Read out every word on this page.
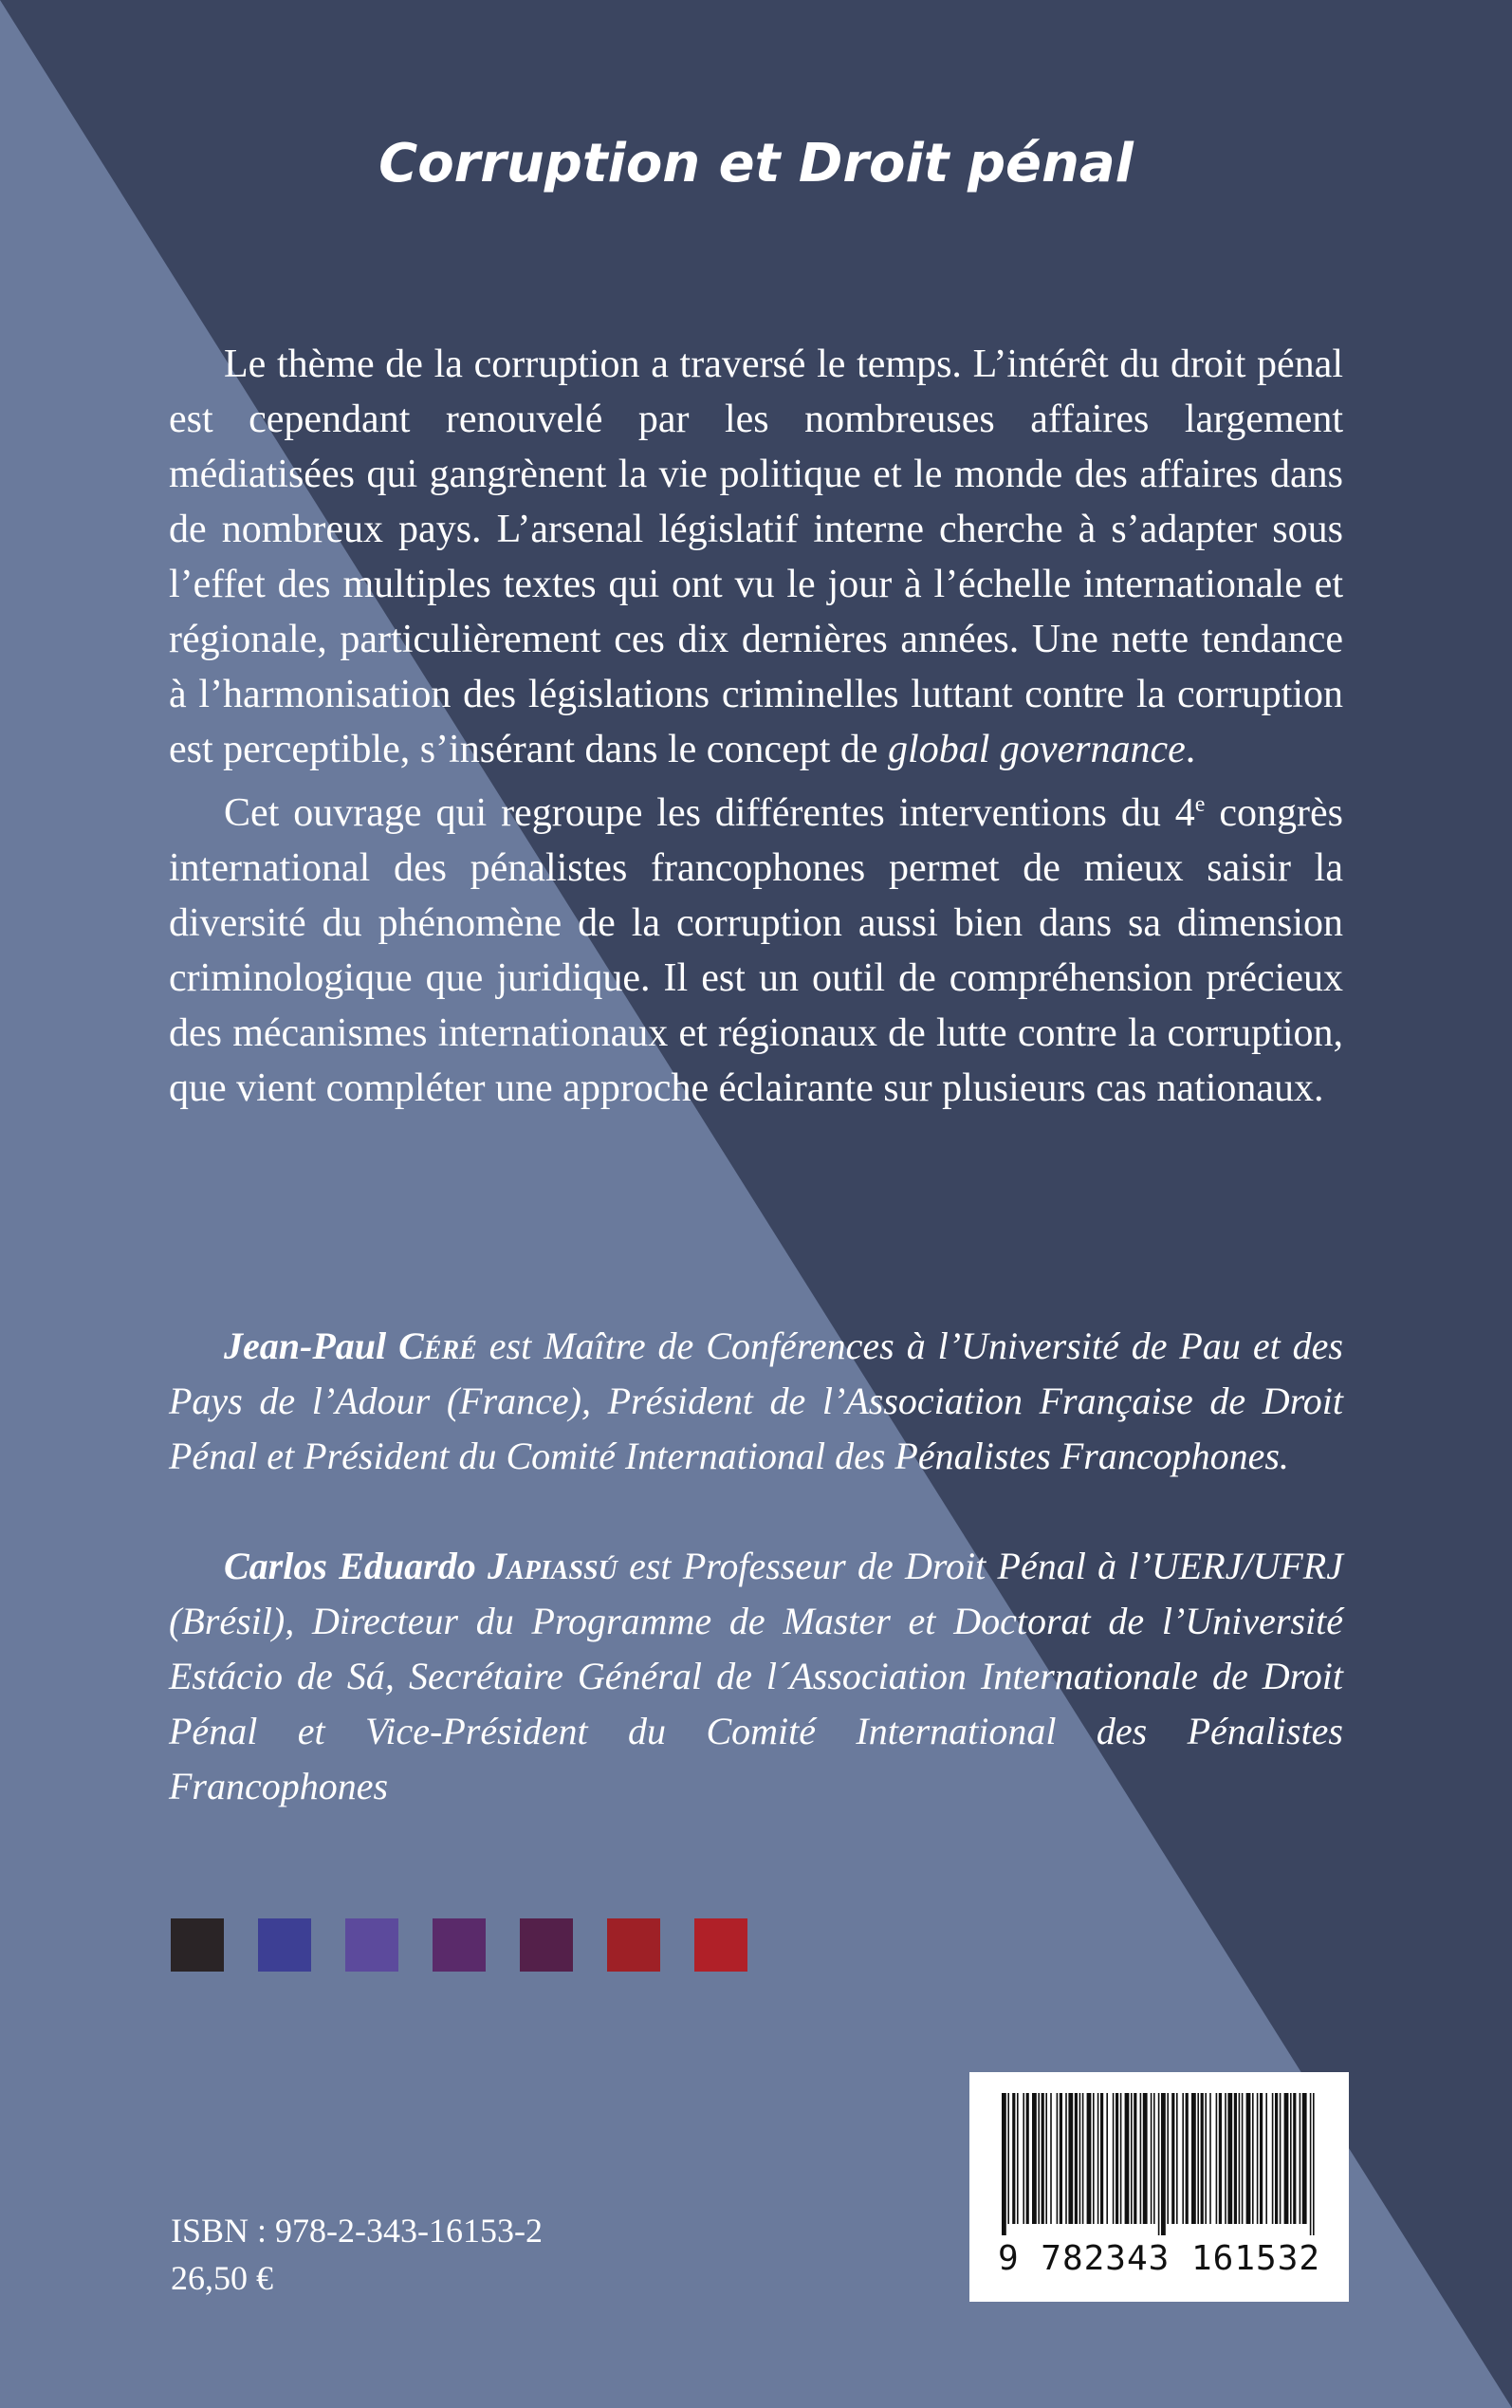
Corruption et Droit pénal

Le thème de la corruption a traversé le temps. L’intérêt du droit pénal est cependant renouvelé par les nombreuses affaires largement médiatisées qui gangrènent la vie politique et le monde des affaires dans de nombreux pays. L’arsenal législatif interne cherche à s’adapter sous l’effet des multiples textes qui ont vu le jour à l’échelle internationale et régionale, particulièrement ces dix dernières années. Une nette tendance à l’harmonisation des législations criminelles luttant contre la corruption est perceptible, s’insérant dans le concept de global governance.

Cet ouvrage qui regroupe les différentes interventions du 4e congrès international des pénalistes francophones permet de mieux saisir la diversité du phénomène de la corruption aussi bien dans sa dimension criminologique que juridique. Il est un outil de compréhension précieux des mécanismes internationaux et régionaux de lutte contre la corruption, que vient compléter une approche éclairante sur plusieurs cas nationaux.

Jean-Paul Céré est Maître de Conférences à l’Université de Pau et des Pays de l’Adour (France), Président de l’Association Française de Droit Pénal et Président du Comité International des Pénalistes Francophones.

Carlos Eduardo Japiassú est Professeur de Droit Pénal à l’UERJ/UFRJ (Brésil), Directeur du Programme de Master et Doctorat de l’Université Estácio de Sá, Secrétaire Général de l´Association Internationale de Droit Pénal et Vice-Président du Comité International des Pénalistes Francophones

ISBN : 978-2-343-16153-2
26,50 €	9 782343 161532
